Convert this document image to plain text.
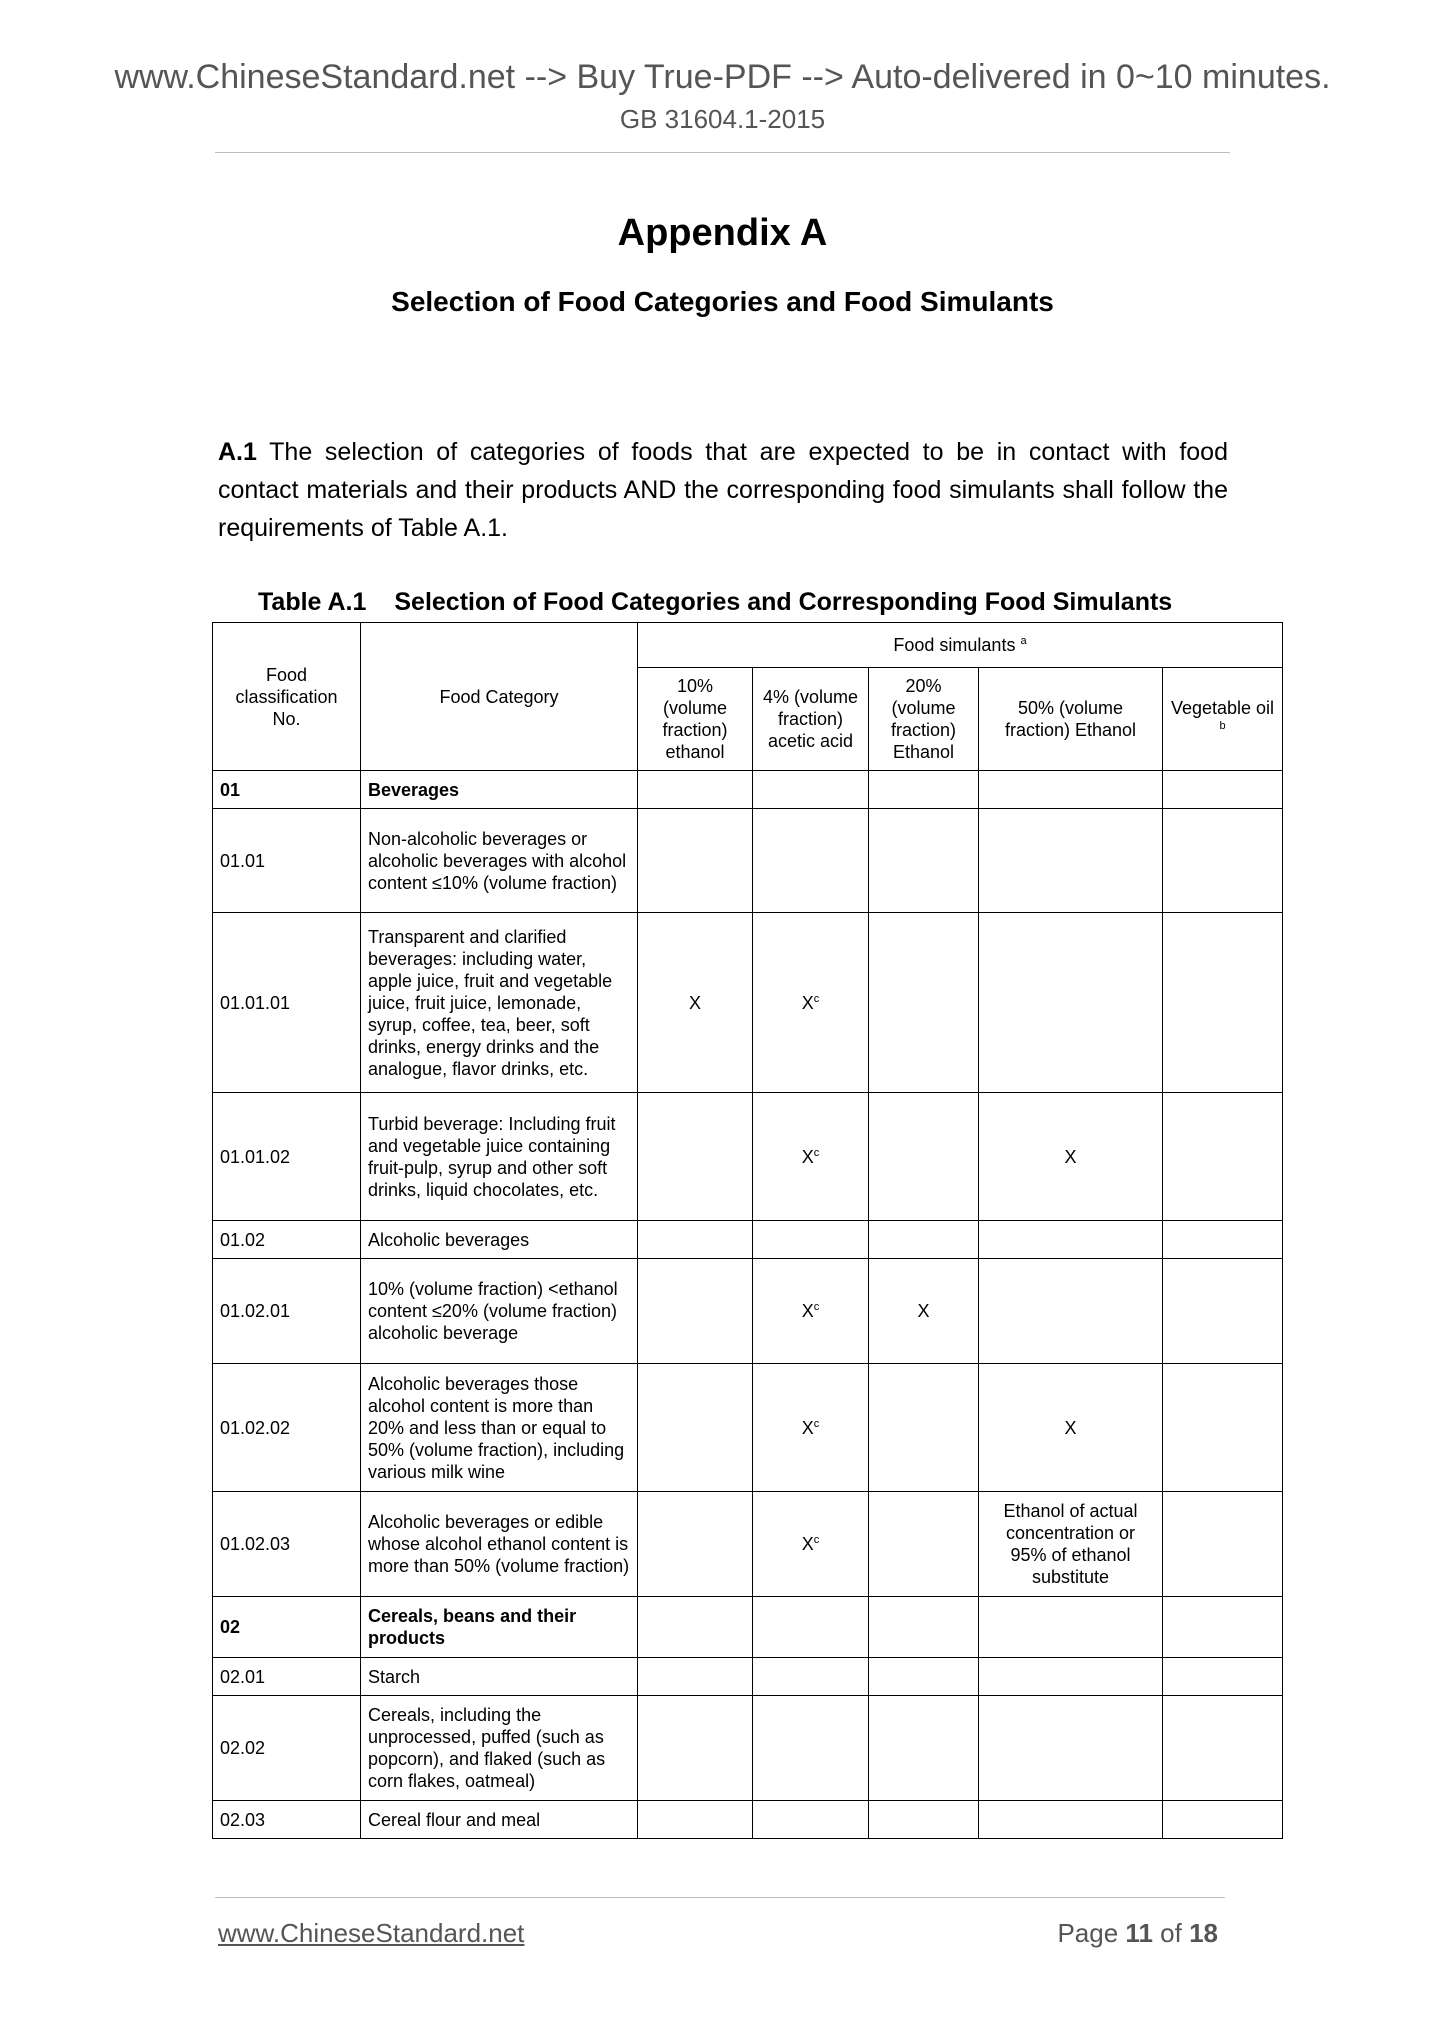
www.ChineseStandard.net --> Buy True-PDF --> Auto-delivered in 0~10 minutes.
GB 31604.1-2015
Appendix A
Selection of Food Categories and Food Simulants
A.1 The selection of categories of foods that are expected to be in contact with food contact materials and their products AND the corresponding food simulants shall follow the requirements of Table A.1.
Table A.1 Selection of Food Categories and Corresponding Food Simulants
Food classification No.	Food Category	Food simulants $^a$
		10% (volume fraction) ethanol	4% (volume fraction) acetic acid	20% (volume fraction) Ethanol	50% (volume fraction) Ethanol	Vegetable oil $^b$
01	Beverages					
01.01	Non-alcoholic beverages or alcoholic beverages with alcohol content ≤10% (volume fraction)					
01.01.01	Transparent and clarified beverages: including water, apple juice, fruit and vegetable juice, fruit juice, lemonade, syrup, coffee, tea, beer, soft drinks, energy drinks and the analogue, flavor drinks, etc.	X	$X^c$			
01.01.02	Turbid beverage: Including fruit and vegetable juice containing fruit-pulp, syrup and other soft drinks, liquid chocolates, etc.		$X^c$		X	
01.02	Alcoholic beverages					
01.02.01	10% (volume fraction) <ethanol content ≤20% (volume fraction) alcoholic beverage		$X^c$	X		
01.02.02	Alcoholic beverages those alcohol content is more than 20% and less than or equal to 50% (volume fraction), including various milk wine		$X^c$		X	
01.02.03	Alcoholic beverages or edible whose alcohol ethanol content is more than 50% (volume fraction)		$X^c$		Ethanol of actual concentration or 95% of ethanol substitute	
02	Cereals, beans and their products					
02.01	Starch					
02.02	Cereals, including the unprocessed, puffed (such as popcorn), and flaked (such as corn flakes, oatmeal)					
02.03	Cereal flour and meal					
www.ChineseStandard.net	Page 11 of 18
